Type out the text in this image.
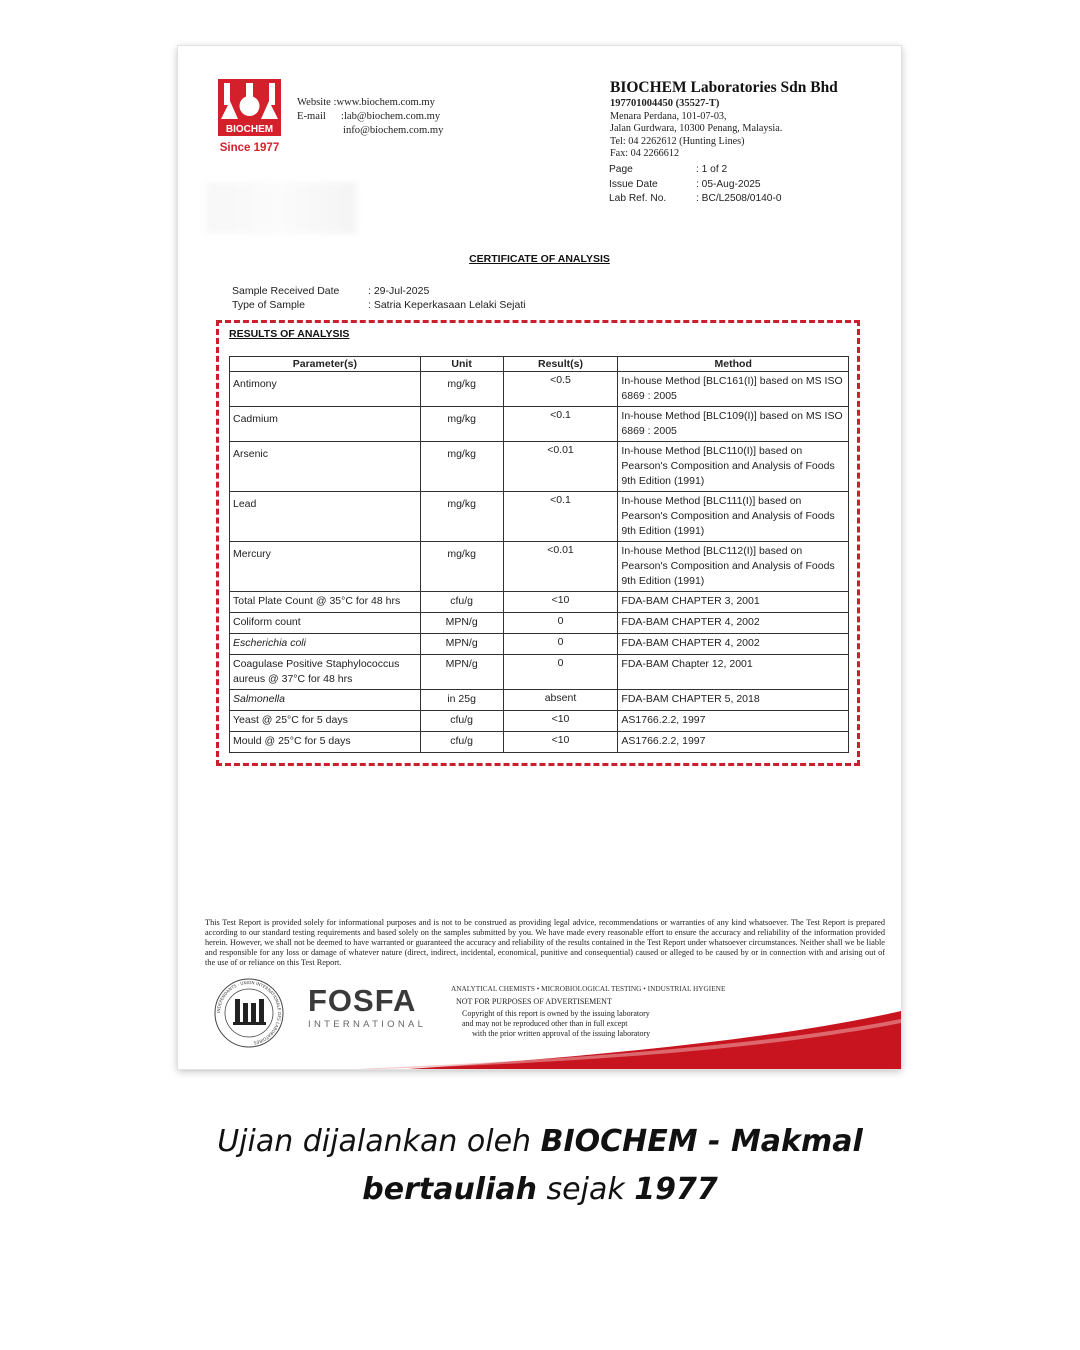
BIOCHEM
Since 1977
Website :www.biochem.com.my
E-mail :lab@biochem.com.my
info@biochem.com.my
BIOCHEM Laboratories Sdn Bhd
197701004450 (35527-T)
Menara Perdana, 101-07-03,
Jalan Gurdwara, 10300 Penang, Malaysia.
Tel: 04 2262612 (Hunting Lines)
Fax: 04 2266612
Page	: 1 of 2
Issue Date	: 05-Aug-2025
Lab Ref. No.	: BC/L2508/0140-0
CERTIFICATE OF ANALYSIS
Sample Received Date	: 29-Jul-2025
Type of Sample	: Satria Keperkasaan Lelaki Sejati
RESULTS OF ANALYSIS
Parameter(s)	Unit	Result(s)	Method
Antimony	mg/kg	<0.5	In-house Method [BLC161(I)] based on MS ISO 6869 : 2005
Cadmium	mg/kg	<0.1	In-house Method [BLC109(I)] based on MS ISO 6869 : 2005
Arsenic	mg/kg	<0.01	In-house Method [BLC110(I)] based on Pearson's Composition and Analysis of Foods 9th Edition (1991)
Lead	mg/kg	<0.1	In-house Method [BLC111(I)] based on Pearson's Composition and Analysis of Foods 9th Edition (1991)
Mercury	mg/kg	<0.01	In-house Method [BLC112(I)] based on Pearson's Composition and Analysis of Foods 9th Edition (1991)
Total Plate Count @ 35°C for 48 hrs	cfu/g	<10	FDA-BAM CHAPTER 3, 2001
Coliform count	MPN/g	0	FDA-BAM CHAPTER 4, 2002
Escherichia coli	MPN/g	0	FDA-BAM CHAPTER 4, 2002
Coagulase Positive Staphylococcus aureus @ 37°C for 48 hrs	MPN/g	0	FDA-BAM Chapter 12, 2001
Salmonella	in 25g	absent	FDA-BAM CHAPTER 5, 2018
Yeast @ 25°C for 5 days	cfu/g	<10	AS1766.2.2, 1997
Mould @ 25°C for 5 days	cfu/g	<10	AS1766.2.2, 1997
This Test Report is provided solely for informational purposes and is not to be construed as providing legal advice, recommendations or warranties of any kind whatsoever. The Test Report is prepared according to our standard testing requirements and based solely on the samples submitted by you. We have made every reasonable effort to ensure the accuracy and reliability of the information provided herein. However, we shall not be deemed to have warranted or guaranteed the accuracy and reliability of the results contained in the Test Report under whatsoever circumstances. Neither shall we be liable and responsible for any loss or damage of whatever nature (direct, indirect, incidental, economical, punitive and consequential) caused or alleged to be caused by or in connection with and arising out of the use of or reliance on this Test Report.
INDEPENDANTS · UNION INTERNATIONALE DES LABORATOIRES
FOSFA
INTERNATIONAL
ANALYTICAL CHEMISTS • MICROBIOLOGICAL TESTING • INDUSTRIAL HYGIENE
NOT FOR PURPOSES OF ADVERTISEMENT
Copyright of this report is owned by the issuing laboratory
and may not be reproduced other than in full except
with the prior written approval of the issuing laboratory
Ujian dijalankan oleh BIOCHEM - Makmal
bertauliah sejak 1977
